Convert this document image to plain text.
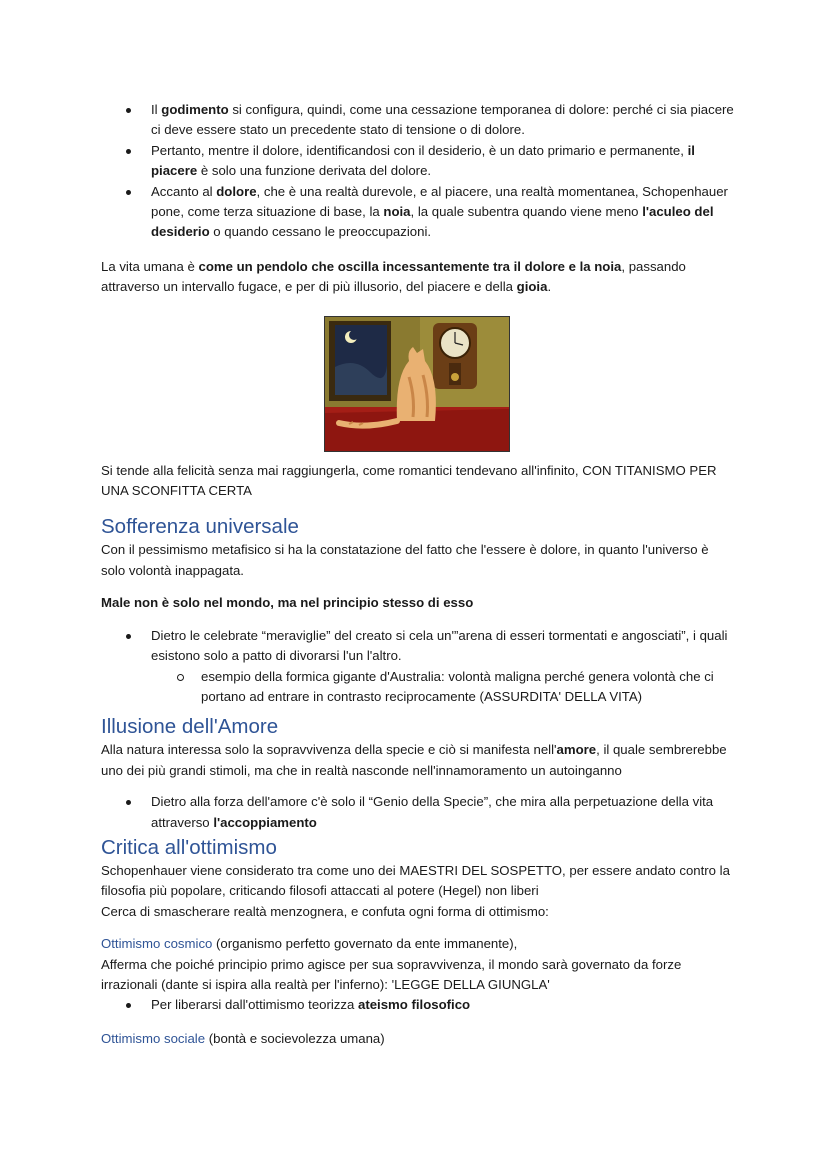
Il godimento si configura, quindi, come una cessazione temporanea di dolore: perché ci sia piacere ci deve essere stato un precedente stato di tensione o di dolore.
Pertanto, mentre il dolore, identificandosi con il desiderio, è un dato primario e permanente, il piacere è solo una funzione derivata del dolore.
Accanto al dolore, che è una realtà durevole, e al piacere, una realtà momentanea, Schopenhauer pone, come terza situazione di base, la noia, la quale subentra quando viene meno l'aculeo del desiderio o quando cessano le preoccupazioni.

La vita umana è come un pendolo che oscilla incessantemente tra il dolore e la noia, passando attraverso un intervallo fugace, e per di più illusorio, del piacere e della gioia.

Si tende alla felicità senza mai raggiungerla, come romantici tendevano all'infinito, CON TITANISMO PER UNA SCONFITTA CERTA

Sofferenza universale

Con il pessimismo metafisico si ha la constatazione del fatto che l'essere è dolore, in quanto l'universo è solo volontà inappagata.

Male non è solo nel mondo, ma nel principio stesso di esso

Dietro le celebrate “meraviglie” del creato si cela un'”arena di esseri tormentati e angosciati”, i quali esistono solo a patto di divorarsi l'un l'altro.
esempio della formica gigante d'Australia: volontà maligna perché genera volontà che ci portano ad entrare in contrasto reciprocamente (ASSURDITA' DELLA VITA)
Illusione dell'Amore

Alla natura interessa solo la sopravvivenza della specie e ciò si manifesta nell'amore, il quale sembrerebbe uno dei più grandi stimoli, ma che in realtà nasconde nell'innamoramento un autoinganno

Dietro alla forza dell'amore c'è solo il “Genio della Specie”, che mira alla perpetuazione della vita attraverso l'accoppiamento
Critica all'ottimismo

Schopenhauer viene considerato tra come uno dei MAESTRI DEL SOSPETTO, per essere andato contro la filosofia più popolare, criticando filosofi attaccati al potere (Hegel) non liberi

Cerca di smascherare realtà menzognera, e confuta ogni forma di ottimismo:

Ottimismo cosmico (organismo perfetto governato da ente immanente),

Afferma che poiché principio primo agisce per sua sopravvivenza, il mondo sarà governato da forze irrazionali (dante si ispira alla realtà per l'inferno): 'LEGGE DELLA GIUNGLA'

Per liberarsi dall'ottimismo teorizza ateismo filosofico

Ottimismo sociale (bontà e socievolezza umana)
